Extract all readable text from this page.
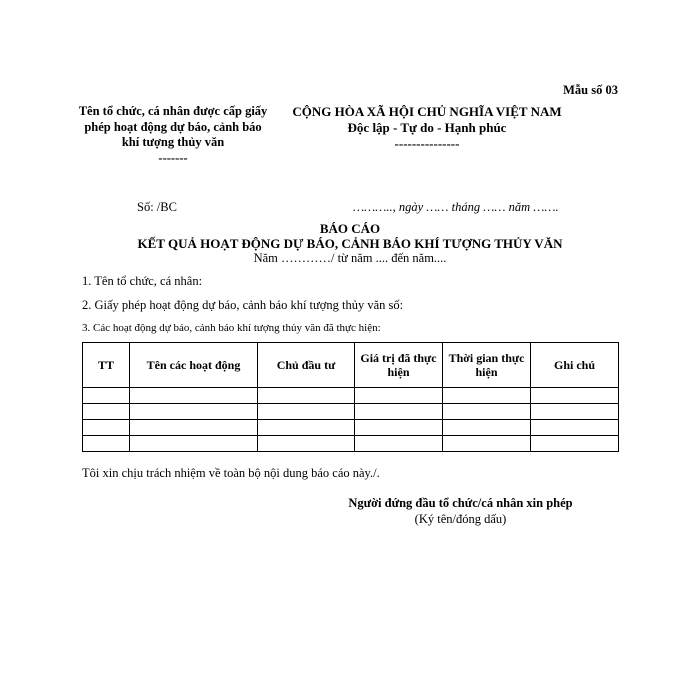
Mẫu số 03
Tên tổ chức, cá nhân được cấp giấy phép hoạt động dự báo, cảnh báo khí tượng thủy văn
-------
CỘNG HÒA XÃ HỘI CHỦ NGHĨA VIỆT NAM
Độc lập - Tự do - Hạnh phúc
---------------
Số: /BC	……….., ngày …… tháng …… năm …….
BÁO CÁO
KẾT QUẢ HOẠT ĐỘNG DỰ BÁO, CẢNH BÁO KHÍ TƯỢNG THỦY VĂN
Năm …………/ từ năm .... đến năm....
1. Tên tổ chức, cá nhân:
2. Giấy phép hoạt động dự báo, cảnh báo khí tượng thủy văn số:
3. Các hoạt động dự báo, cảnh báo khí tượng thủy văn đã thực hiện:
TT	Tên các hoạt động	Chủ đầu tư	Giá trị đã thực hiện	Thời gian thực hiện	Ghi chú

Tôi xin chịu trách nhiệm về toàn bộ nội dung báo cáo này./.
Người đứng đầu tổ chức/cá nhân xin phép
(Ký tên/đóng dấu)
